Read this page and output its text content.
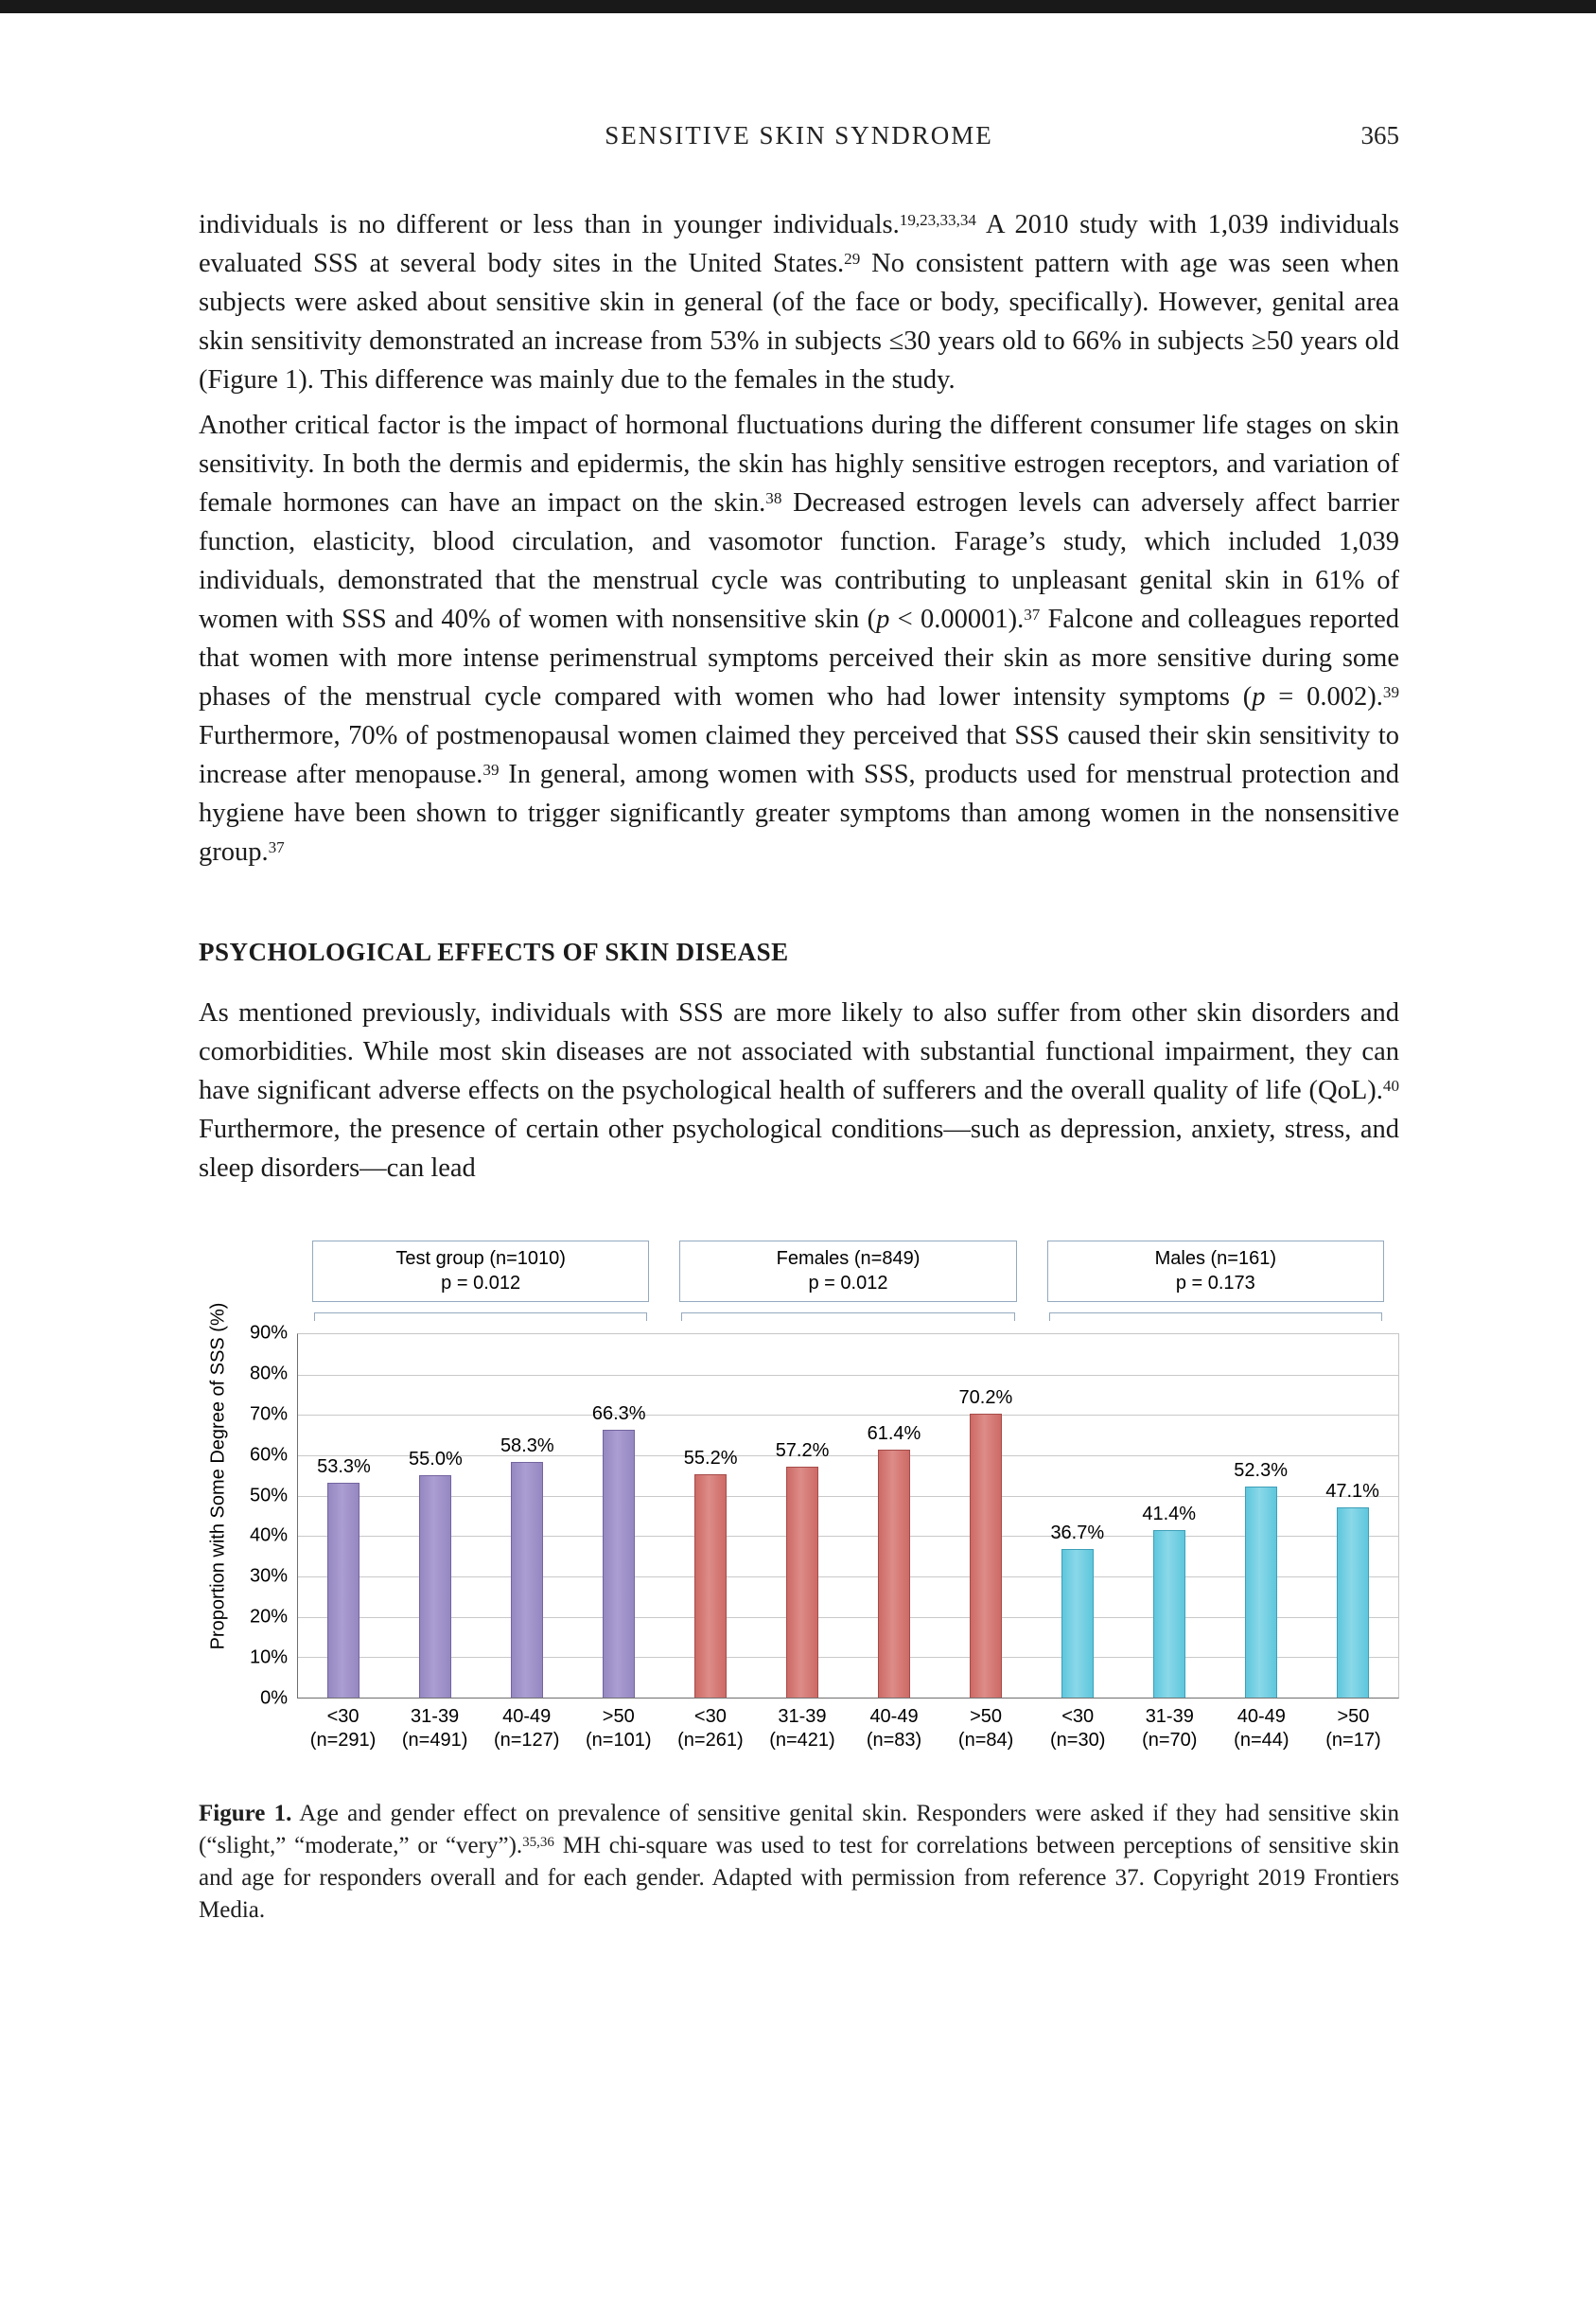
SENSITIVE SKIN SYNDROME	365

individuals is no different or less than in younger individuals.$^{19,23,33,34}$ A 2010 study with 1,039 individuals evaluated SSS at several body sites in the United States.$^{29}$ No consistent pattern with age was seen when subjects were asked about sensitive skin in general (of the face or body, specifically). However, genital area skin sensitivity demonstrated an increase from 53% in subjects ≤30 years old to 66% in subjects ≥50 years old (Figure 1). This difference was mainly due to the females in the study.

Another critical factor is the impact of hormonal fluctuations during the different consumer life stages on skin sensitivity. In both the dermis and epidermis, the skin has highly sensitive estrogen receptors, and variation of female hormones can have an impact on the skin.$^{38}$ Decreased estrogen levels can adversely affect barrier function, elasticity, blood circulation, and vasomotor function. Farage’s study, which included 1,039 individuals, demonstrated that the menstrual cycle was contributing to unpleasant genital skin in 61% of women with SSS and 40% of women with nonsensitive skin (p < 0.00001).$^{37}$ Falcone and colleagues reported that women with more intense perimenstrual symptoms perceived their skin as more sensitive during some phases of the menstrual cycle compared with women who had lower intensity symptoms (p = 0.002).$^{39}$ Furthermore, 70% of postmenopausal women claimed they perceived that SSS caused their skin sensitivity to increase after menopause.$^{39}$ In general, among women with SSS, products used for menstrual protection and hygiene have been shown to trigger significantly greater symptoms than among women in the nonsensitive group.$^{37}$

PSYCHOLOGICAL EFFECTS OF SKIN DISEASE

As mentioned previously, individuals with SSS are more likely to also suffer from other skin disorders and comorbidities. While most skin diseases are not associated with substantial functional impairment, they can have significant adverse effects on the psychological health of sufferers and the overall quality of life (QoL).$^{40}$ Furthermore, the presence of certain other psychological conditions—such as depression, anxiety, stress, and sleep disorders—can lead

Proportion with Some Degree of SSS (%)
Test group (n=1010)
p = 0.012
Females (n=849)
p = 0.012
Males (n=161)
p = 0.173
90%
80%
70%
60%
50%
40%
30%
20%
10%
0%
53.3% 55.0%
58.3%
66.3%
55.2% 57.2%
61.4%
70.2%
36.7%
41.4%
52.3%
47.1%
<30
(n=291)
31-39
(n=491)
40-49
(n=127)
>50
(n=101)
<30
(n=261)
31-39
(n=421)
40-49
(n=83)
>50
(n=84)
<30
(n=30)
31-39
(n=70)
40-49
(n=44)
>50
(n=17)
Figure 1. Age and gender effect on prevalence of sensitive genital skin. Responders were asked if they had sensitive skin (“slight,” “moderate,” or “very”).$^{35,36}$ MH chi-square was used to test for correlations between perceptions of sensitive skin and age for responders overall and for each gender. Adapted with permission from reference 37. Copyright 2019 Frontiers Media.
